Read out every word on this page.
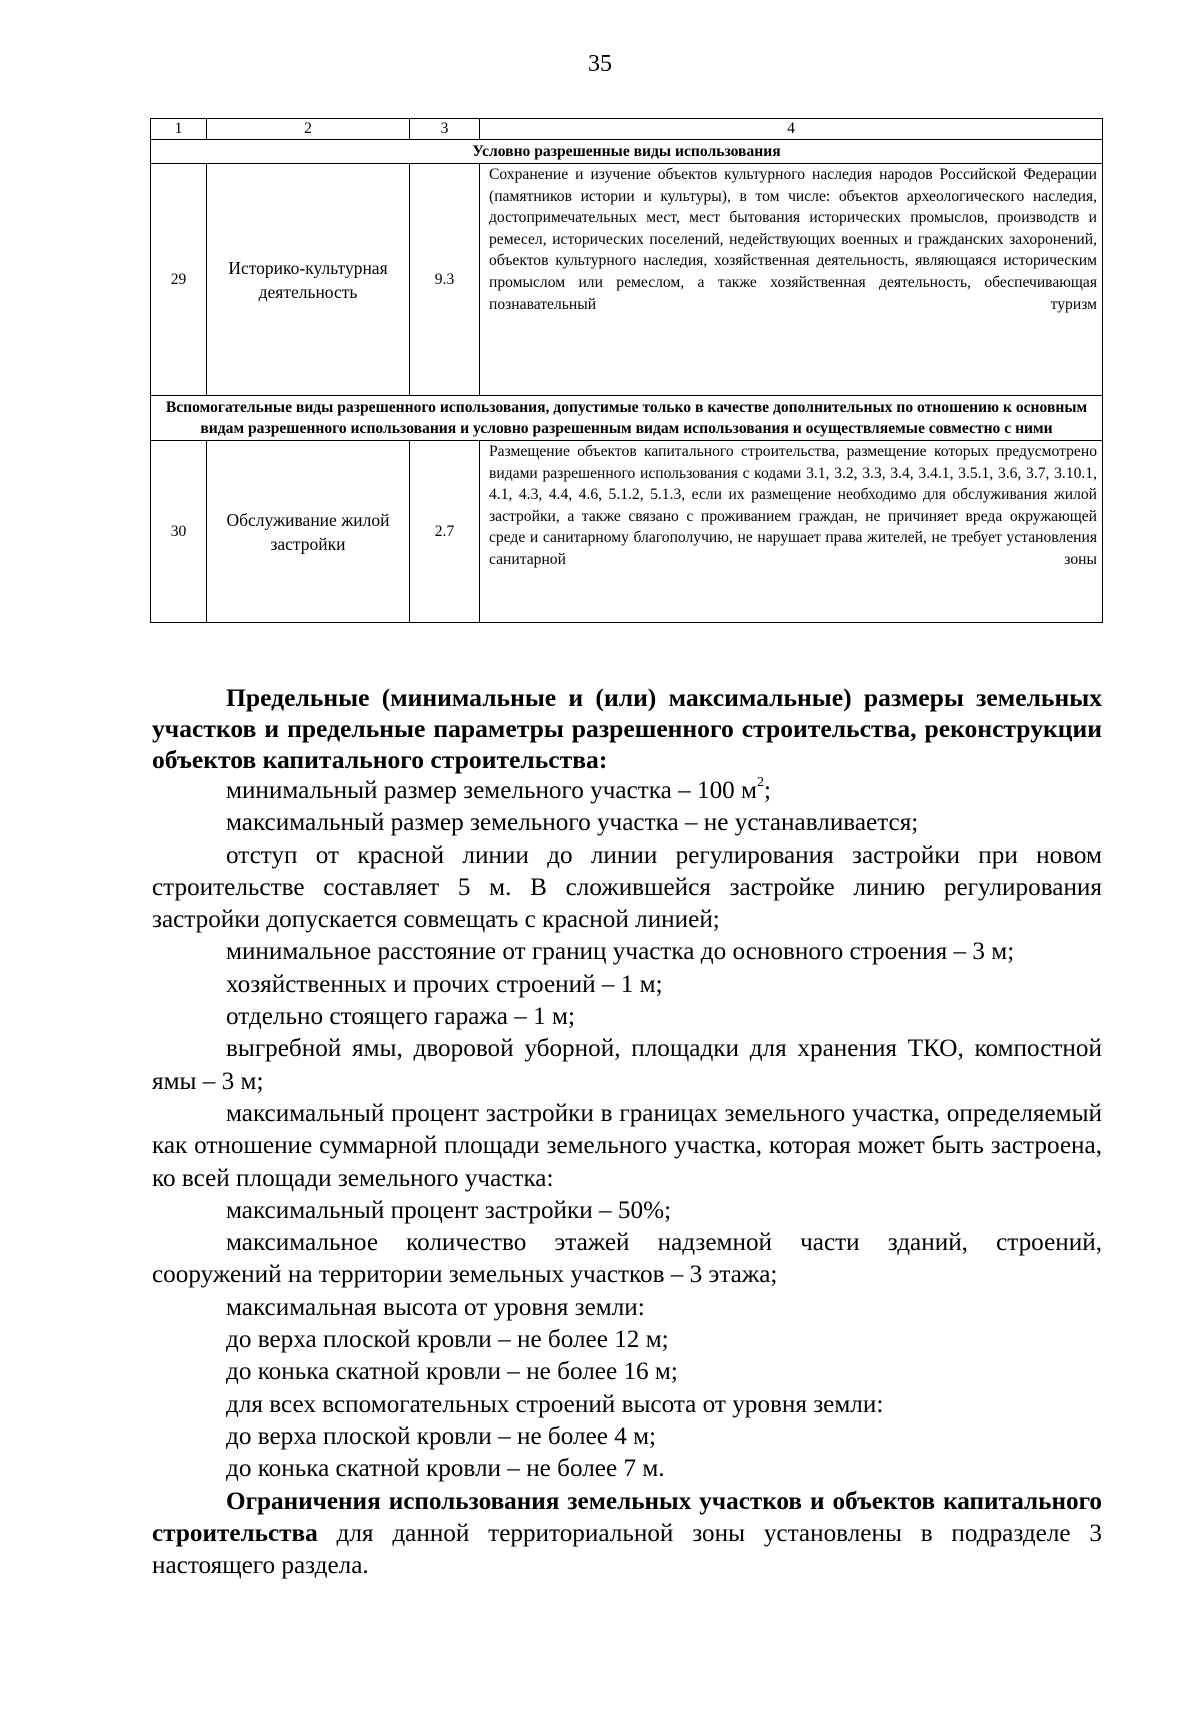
35
1	2	3	4
Условно разрешенные виды использования			
29	Историко-культурная деятельность	9.3	Сохранение и изучение объектов культурного наследия народов Российской Федерации (памятников истории и культуры), в том числе: объектов археологического наследия, достопримечательных мест, мест бытования исторических промыслов, производств и ремесел, исторических поселений, недействующих военных и гражданских захоронений, объектов культурного наследия, хозяйственная деятельность, являющаяся историческим промыслом или ремеслом, а также хозяйственная деятельность, обеспечивающая познавательный туризм
Вспомогательные виды разрешенного использования, допустимые только в качестве дополнительных по отношению к основным видам разрешенного использования и условно разрешенным видам использования и осуществляемые совместно с ними			
30	Обслуживание жилой застройки	2.7	Размещение объектов капитального строительства, размещение которых предусмотрено видами разрешенного использования с кодами 3.1, 3.2, 3.3, 3.4, 3.4.1, 3.5.1, 3.6, 3.7, 3.10.1, 4.1, 4.3, 4.4, 4.6, 5.1.2, 5.1.3, если их размещение необходимо для обслуживания жилой застройки, а также связано с проживанием граждан, не причиняет вреда окружающей среде и санитарному благополучию, не нарушает права жителей, не требует установления санитарной зоны

Предельные (минимальные и (или) максимальные) размеры земельных участков и предельные параметры разрешенного строительства, реконструкции объектов капитального строительства:

минимальный размер земельного участка – 100 $м^2$;

максимальный размер земельного участка – не устанавливается;

отступ от красной линии до линии регулирования застройки при новом строительстве составляет 5 м. В сложившейся застройке линию регулирования застройки допускается совмещать с красной линией;

минимальное расстояние от границ участка до основного строения – 3 м;

хозяйственных и прочих строений – 1 м;

отдельно стоящего гаража – 1 м;

выгребной ямы, дворовой уборной, площадки для хранения ТКО, компостной ямы – 3 м;

максимальный процент застройки в границах земельного участка, определяемый как отношение суммарной площади земельного участка, которая может быть застроена, ко всей площади земельного участка:

максимальный процент застройки – 50%;

максимальное количество этажей надземной части зданий, строений, сооружений на территории земельных участков – 3 этажа;

максимальная высота от уровня земли:

до верха плоской кровли – не более 12 м;

до конька скатной кровли – не более 16 м;

для всех вспомогательных строений высота от уровня земли:

до верха плоской кровли – не более 4 м;

до конька скатной кровли – не более 7 м.

Ограничения использования земельных участков и объектов капитального строительства для данной территориальной зоны установлены в подразделе 3 настоящего раздела.
